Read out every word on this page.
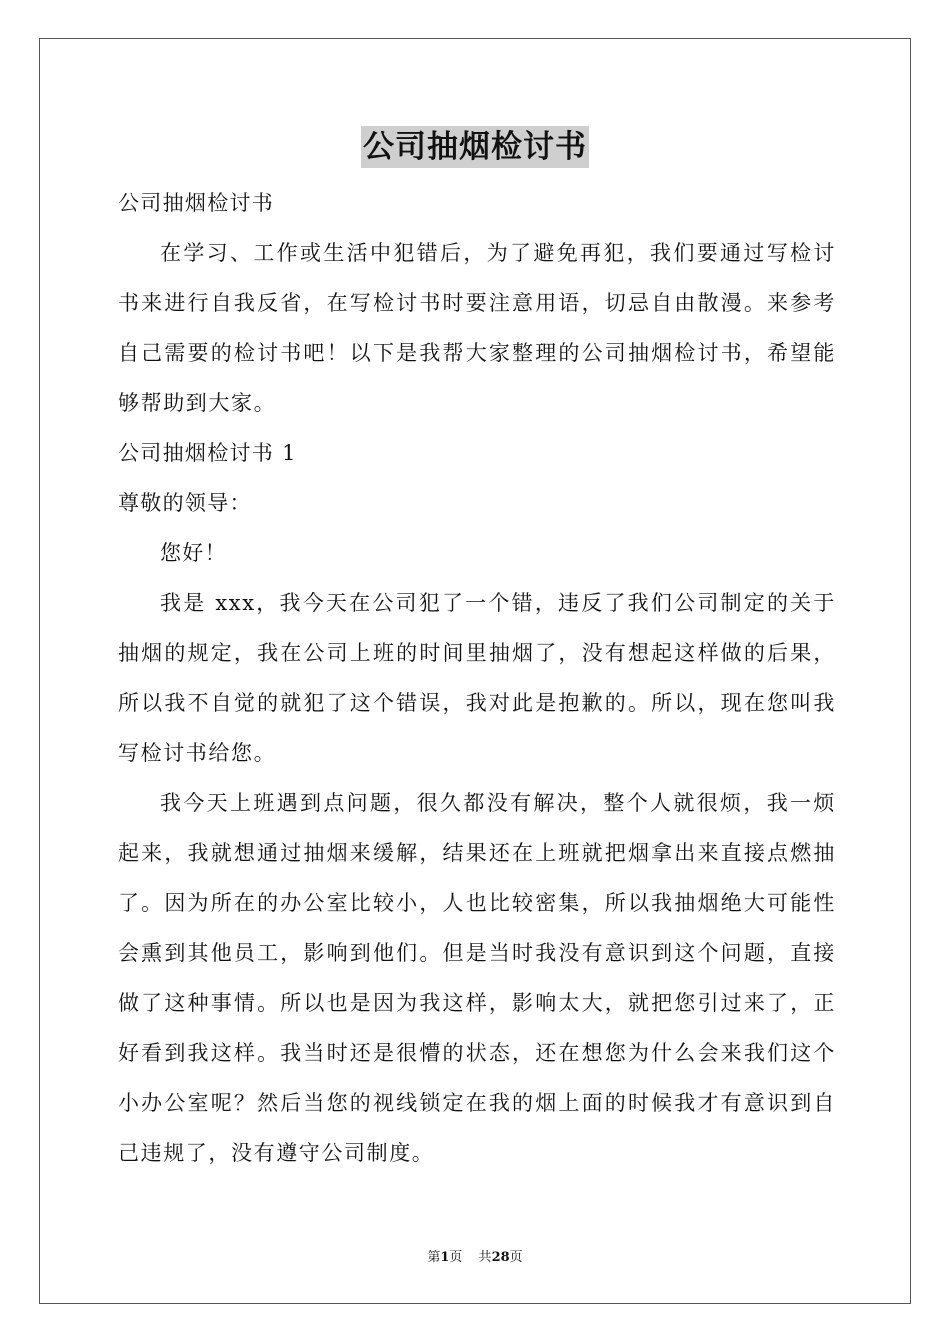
公司抽烟检讨书
公司抽烟检讨书

在学习、工作或生活中犯错后，为了避免再犯，我们要通过写检讨书来进行自我反省，在写检讨书时要注意用语，切忌自由散漫。来参考自己需要的检讨书吧！以下是我帮大家整理的公司抽烟检讨书，希望能够帮助到大家。

公司抽烟检讨书 1
尊敬的领导：
您好！

我是 xxx，我今天在公司犯了一个错，违反了我们公司制定的关于抽烟的规定，我在公司上班的时间里抽烟了，没有想起这样做的后果，所以我不自觉的就犯了这个错误，我对此是抱歉的。所以，现在您叫我写检讨书给您。

我今天上班遇到点问题，很久都没有解决，整个人就很烦，我一烦起来，我就想通过抽烟来缓解，结果还在上班就把烟拿出来直接点燃抽了。因为所在的办公室比较小，人也比较密集，所以我抽烟绝大可能性会熏到其他员工，影响到他们。但是当时我没有意识到这个问题，直接做了这种事情。所以也是因为我这样，影响太大，就把您引过来了，正好看到我这样。我当时还是很懵的状态，还在想您为什么会来我们这个小办公室呢？然后当您的视线锁定在我的烟上面的时候我才有意识到自己违规了，没有遵守公司制度。

第1页 共28页
